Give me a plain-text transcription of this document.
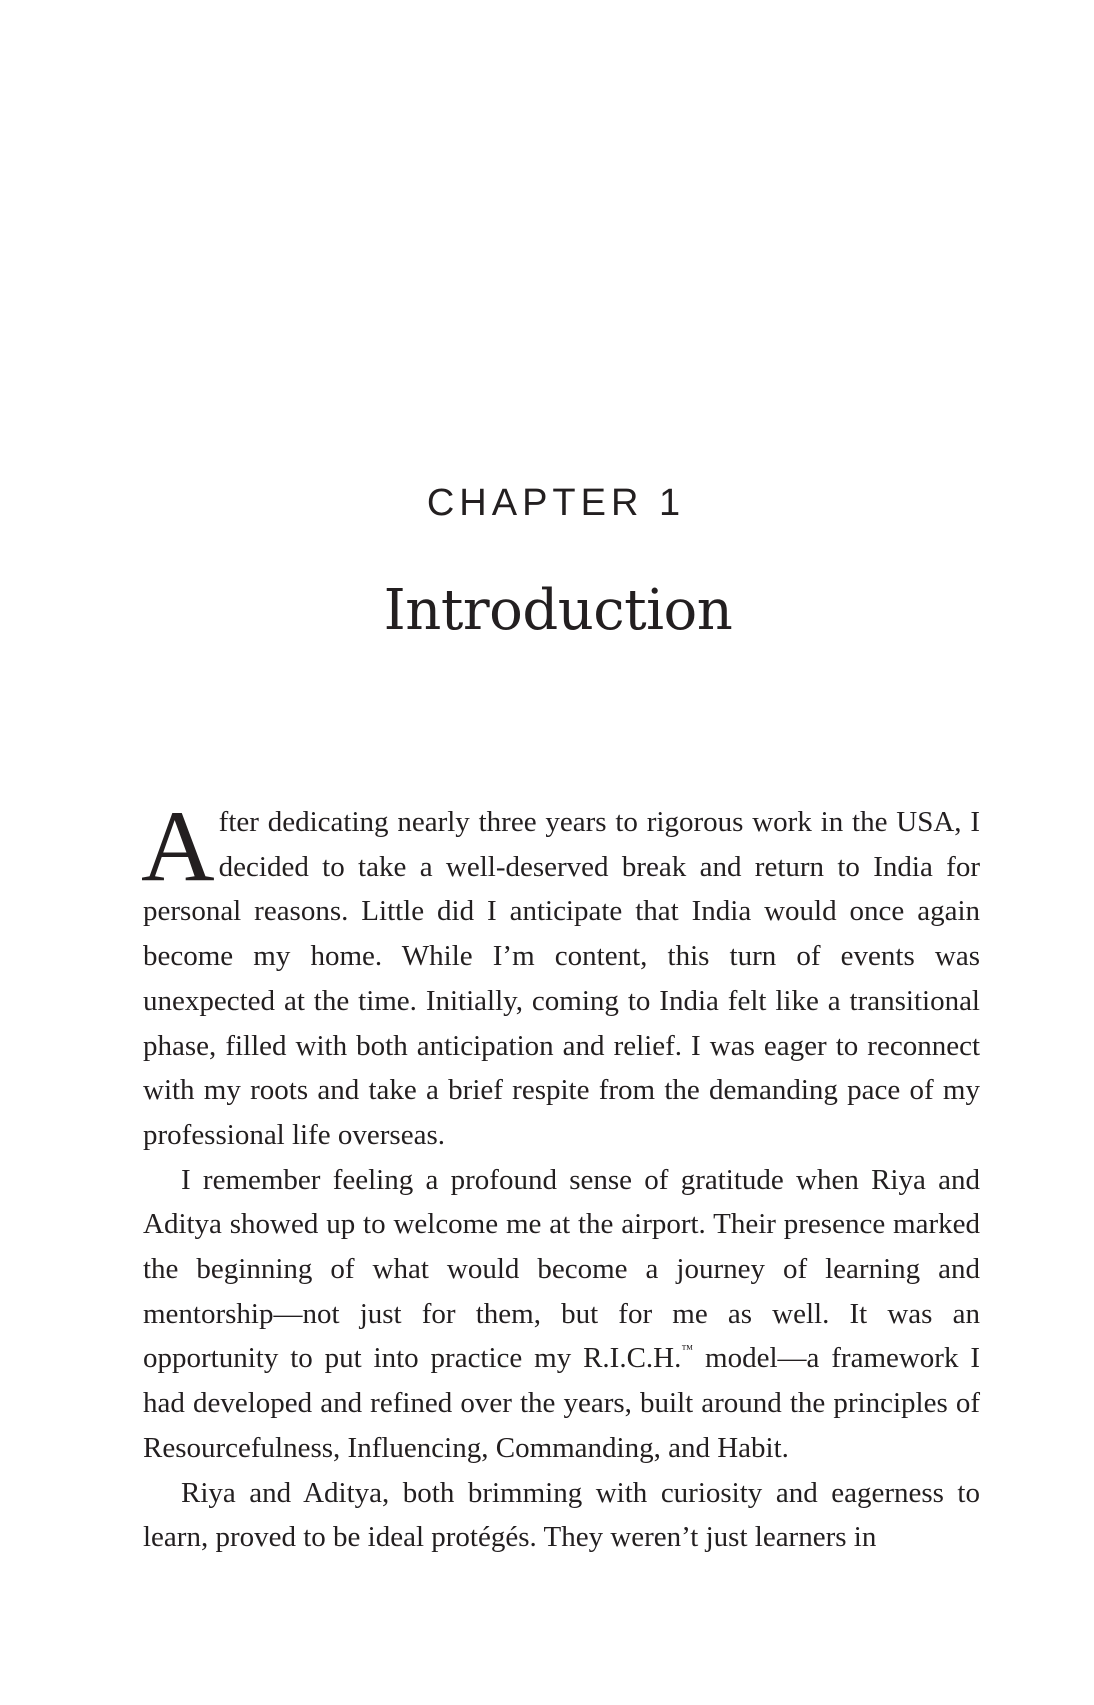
CHAPTER 1
Introduction

After dedicating nearly three years to rigorous work in the USA, I decided to take a well-deserved break and return to India for personal reasons. Little did I anticipate that India would once again become my home. While I’m content, this turn of events was unexpected at the time. Initially, coming to India felt like a transitional phase, filled with both anticipation and relief. I was eager to reconnect with my roots and take a brief respite from the demanding pace of my professional life overseas.

I remember feeling a profound sense of gratitude when Riya and Aditya showed up to welcome me at the airport. Their presence marked the beginning of what would become a journey of learning and mentorship—not just for them, but for me as well. It was an opportunity to put into practice my R.I.C.H.™ model—a framework I had developed and refined over the years, built around the principles of Resourcefulness, Influencing, Commanding, and Habit.

Riya and Aditya, both brimming with curiosity and eagerness to learn, proved to be ideal protégés. They weren’t just learners in
